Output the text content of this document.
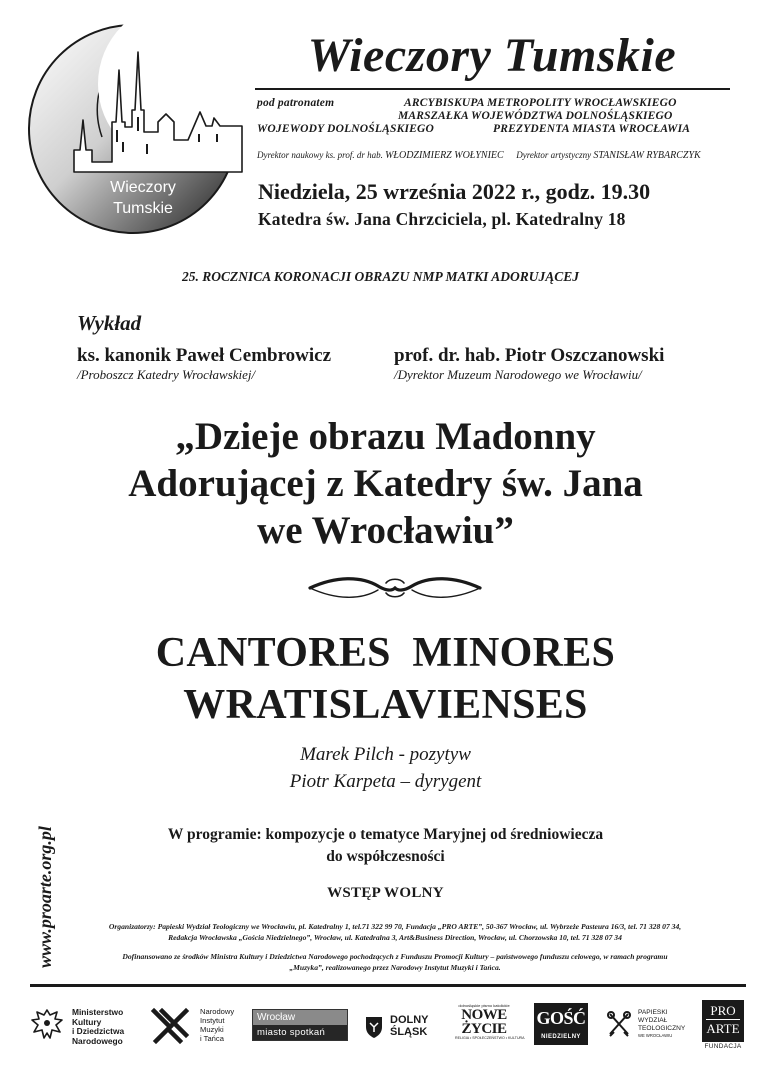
Wieczory
Tumskie
Wieczory Tumskie
pod patronatem	ARCYBISKUPA METROPOLITY WROCŁAWSKIEGO
MARSZAŁKA WOJEWÓDZTWA DOLNOŚLĄSKIEGO
WOJEWODY DOLNOŚLĄSKIEGO	PREZYDENTA MIASTA WROCŁAWIA
Dyrektor naukowy ks. prof. dr hab. WŁODZIMIERZ WOŁYNIEC Dyrektor artystyczny STANISŁAW RYBARCZYK
Niedziela, 25 września 2022 r., godz. 19.30
Katedra św. Jana Chrzciciela, pl. Katedralny 18
25. ROCZNICA KORONACJI OBRAZU NMP MATKI ADORUJĄCEJ
Wykład
ks. kanonik Paweł Cembrowicz
/Proboszcz Katedry Wrocławskiej/
prof. dr. hab. Piotr Oszczanowski
/Dyrektor Muzeum Narodowego we Wrocławiu/
„Dzieje obrazu Madonny
Adorującej z Katedry św. Jana
we Wrocławiu”
CANTORES  MINORES
WRATISLAVIENSES
Marek Pilch - pozytyw
Piotr Karpeta – dyrygent
W programie: kompozycje o tematyce Maryjnej od średniowiecza
do współczesności
WSTĘP WOLNY
Organizatorzy: Papieski Wydział Teologiczny we Wrocławiu, pl. Katedralny 1, tel.71 322 99 70, Fundacja „PRO ARTE”, 50-367 Wrocław, ul. Wybrzeże Pasteura 16/3, tel. 71 328 07 34,
Redakcja Wrocławska „Gościa Niedzielnego”, Wrocław, ul. Katedralna 3, Art&Business Direction, Wrocław, ul. Chorzowska 10, tel. 71 328 07 34
Dofinansowano ze środków Ministra Kultury i Dziedzictwa Narodowego pochodzących z Funduszu Promocji Kultury – państwowego funduszu celowego, w ramach programu
„Muzyka”, realizowanego przez Narodowy Instytut Muzyki i Tańca.
www.proarte.org.pl
Ministerstwo
Kultury
i Dziedzictwa
Narodowego
Narodowy
Instytut
Muzyki
i Tańca
Wrocław
miasto spotkań
DOLNY
ŚLĄSK
dolnośląskie pismo katolickie
NOWE
ŻYCIE
RELIGIA • SPOŁECZEŃSTWO • KULTURA
GOŚĆ
NIEDZIELNY
PAPIESKI
WYDZIAŁ
TEOLOGICZNY
WE WROCŁAWIU
PRO
ARTE
FUNDACJA
